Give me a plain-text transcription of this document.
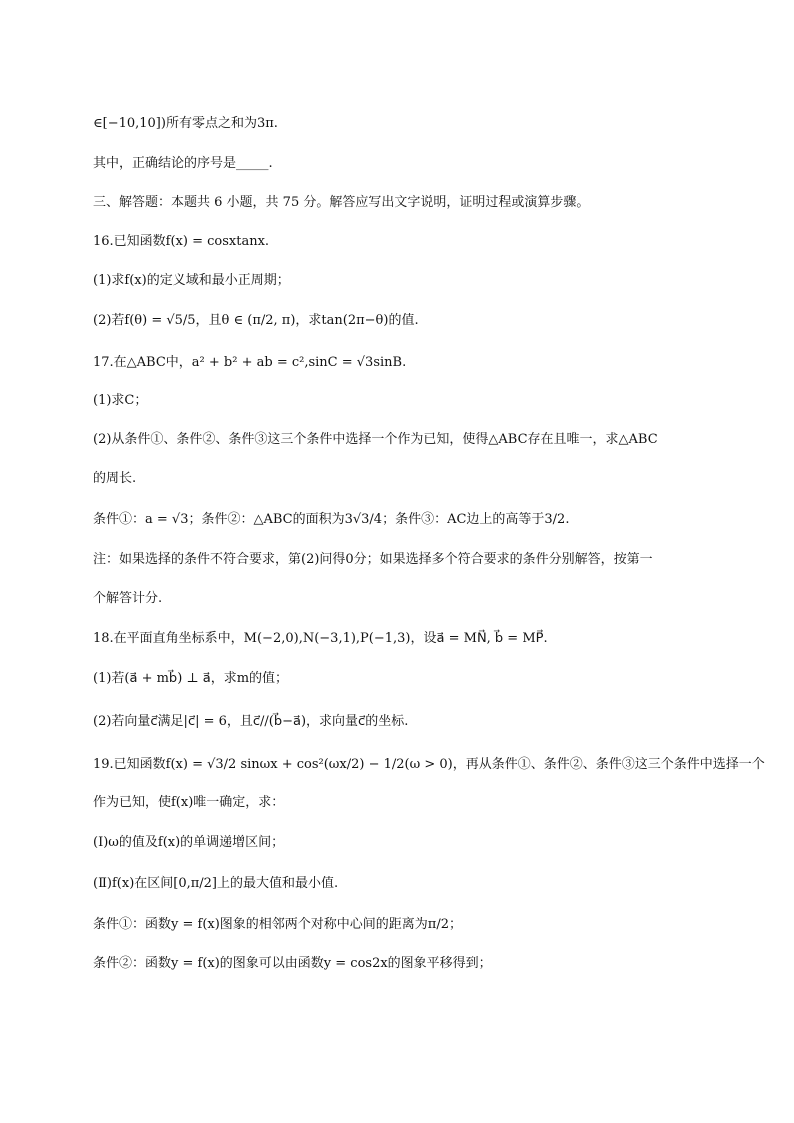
∈[−10,10])所有零点之和为3π.
其中，正确结论的序号是_____.
三、解答题：本题共 6 小题，共 75 分。解答应写出文字说明，证明过程或演算步骤。
16.已知函数f(x) = cosxtanx.
(1)求f(x)的定义域和最小正周期；
(2)若f(θ) = √5/5，且θ ∈ (π/2, π)，求tan(2π−θ)的值.
17.在△ABC中，a² + b² + ab = c²,sinC = √3sinB.
(1)求C；
(2)从条件①、条件②、条件③这三个条件中选择一个作为已知，使得△ABC存在且唯一，求△ABC
的周长.
条件①：a = √3；条件②：△ABC的面积为3√3/4；条件③：AC边上的高等于3/2.
注：如果选择的条件不符合要求，第(2)问得0分；如果选择多个符合要求的条件分别解答，按第一
个解答计分.
18.在平面直角坐标系中，M(−2,0),N(−3,1),P(−1,3)，设a⃗ = MN⃗, b⃗ = MP⃗.
(1)若(a⃗ + mb⃗) ⊥ a⃗，求m的值；
(2)若向量c⃗满足|c⃗| = 6，且c⃗//(b⃗−a⃗)，求向量c⃗的坐标.
19.已知函数f(x) = √3/2 sinωx + cos²(ωx/2) − 1/2(ω > 0)，再从条件①、条件②、条件③这三个条件中选择一个
作为已知，使f(x)唯一确定，求：
(Ⅰ)ω的值及f(x)的单调递增区间；
(Ⅱ)f(x)在区间[0,π/2]上的最大值和最小值.
条件①：函数y = f(x)图象的相邻两个对称中心间的距离为π/2；
条件②：函数y = f(x)的图象可以由函数y = cos2x的图象平移得到；
